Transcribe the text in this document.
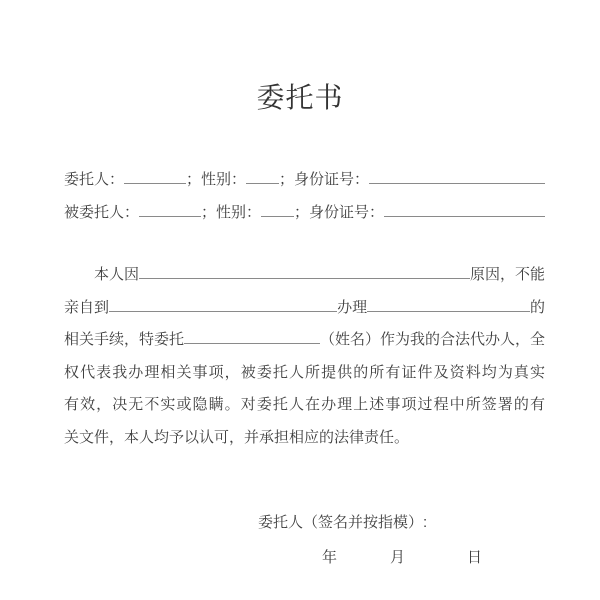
委托书
委托人：	；性别： ；身份证号：
被委托人：	；性别： ；身份证号：
本人因	原因，不能
亲自到	办理	的
相关手续，特委托	（姓名）作为我的合法代办人，全
权代表我办理相关事项，被委托人所提供的所有证件及资料均为真实
有效，决无不实或隐瞒。对委托人在办理上述事项过程中所签署的有
关文件，本人均予以认可，并承担相应的法律责任。
委托人（签名并按指模）:
年	月	日
